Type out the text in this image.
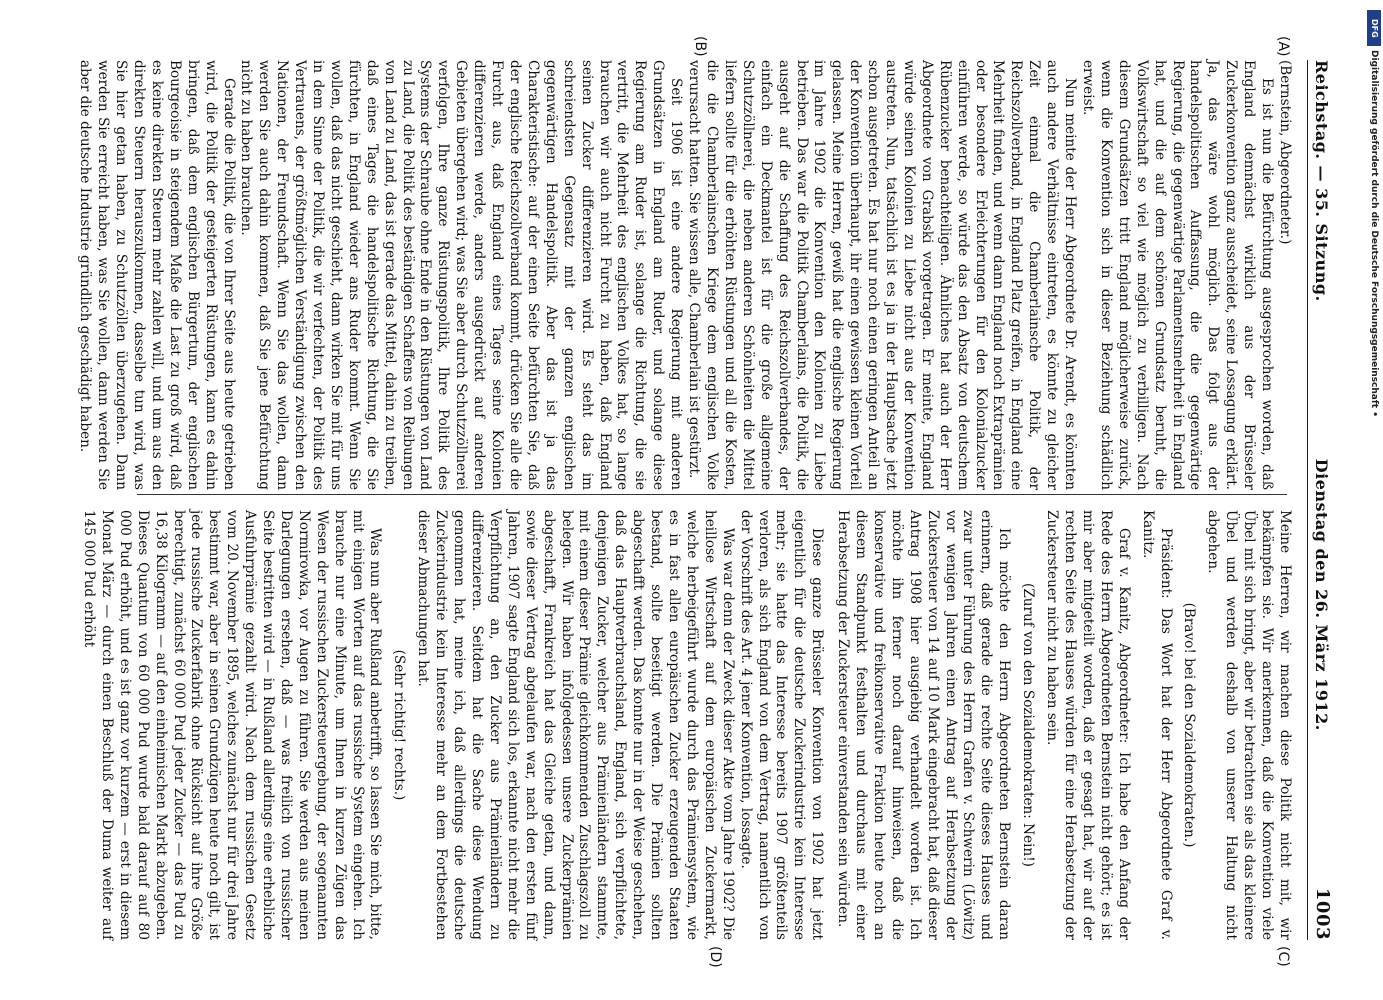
Reichstag. — 35. Sitzung.
Dienstag den 26. März 1912.
1003
(A)
(B)
(C)
(D)

(Bernstein, Abgeordneter.)

Es ist nun die Befürchtung ausgesprochen worden, daß England demnächst wirklich aus der Brüsseler Zuckerkonvention ganz ausscheidet, seine Lossagung erklärt. Ja, das wäre wohl möglich. Das folgt aus der handelspolitischen Auffassung, die die gegenwärtige Regierung, die gegenwärtige Parlamentsmehrheit in England hat, und die auf dem schönen Grundsatz beruht, die Volkswirtschaft so viel wie möglich zu verbilligen. Nach diesem Grundsätzen tritt England möglicherweise zurück, wenn die Konvention sich in dieser Beziehung schädlich erweist.

Nun meinte der Herr Abgeordnete Dr. Arendt, es könnten auch andere Verhältnisse eintreten, es könnte zu gleicher Zeit einmal die Chamberlainsche Politik, der Reichszollverband, in England Platz greifen, in England eine Mehrheit finden, und wenn dann England noch Extraprämien oder besondere Erleichterungen für den Kolonialzucker einführen werde, so würde das den Absatz von deutschem Rübenzucker benachteiligen. Ähnliches hat auch der Herr Abgeordnete von Grabski vorgetragen. Er meinte, England würde seinen Kolonien zu Liebe nicht aus der Konvention austreten. Nun, tatsächlich ist es ja in der Hauptsache jetzt schon ausgetreten. Es hat nur noch einen geringen Anteil an der Konvention überhaupt, ihr einen gewissen kleinen Vorteil gelassen. Meine Herren, gewiß hat die englische Regierung im Jahre 1902 die Konvention den Kolonien zu Liebe betrieben. Das war die Politik Chamberlains, die Politik, die ausgeht auf die Schaffung des Reichszollverbandes, der einfach ein Deckmantel ist für die große allgemeine Schutzzöllnerei, die neben anderen Schönheiten die Mittel liefern sollte für die erhöhten Rüstungen und all die Kosten, die die Chamberlainschen Kriege dem englischen Volke verursacht hatten. Sie wissen alle, Chamberlain ist gestürzt.

Seit 1906 ist eine andere Regierung mit anderen Grundsätzen in England am Ruder, und solange diese Regierung am Ruder ist, solange die Richtung, die sie vertritt, die Mehrheit des englischen Volkes hat, so lange brauchen wir auch nicht Furcht zu haben, daß England seinen Zucker differenzieren wird. Es steht das im schreiendsten Gegensatz mit der ganzen englischen gegenwärtigen Handelspolitik. Aber das ist ja das Charakteristische: auf der einen Seite befürchten Sie, daß der englische Reichszollverband kommt, drücken Sie alle die Furcht aus, daß England eines Tages seine Kolonien differenzieren werde, anders ausgedrückt auf anderen Gebieten übergehen wird; was Sie aber durch Schutzzöllnerei verfolgen, Ihre ganze Rüstungspolitik, Ihre Politik des Systems der Schraube ohne Ende in den Rüstungen von Land zu Land, die Politik des beständigen Schaffens von Reibungen von Land zu Land, das ist gerade das Mittel, dahin zu treiben, daß eines Tages die handelspolitische Richtung, die Sie fürchten, in England wieder ans Ruder kommt. Wenn Sie wollen, daß das nicht geschieht, dann wirken Sie mit für uns in dem Sinne der Politik, die wir verfechten, der Politik des Vertrauens, der größtmöglichen Verständigung zwischen den Nationen, der Freundschaft. Wenn Sie das wollen, dann werden Sie auch dahin kommen, daß Sie jene Befürchtung nicht zu haben brauchen.

Gerade die Politik, die von Ihrer Seite aus heute getrieben wird, die Politik der gesteigerten Rüstungen, kann es dahin bringen, daß dem englischen Bürgertum, der englischen Bourgeoisie in steigendem Maße die Last zu groß wird, daß es keine direkten Steuern mehr zahlen will, und um aus den direkten Steuern herauszukommen, dasselbe tun wird, was Sie hier getan haben, zu Schutzzöllen überzugehen. Dann werden Sie erreicht haben, was Sie wollen, dann werden Sie aber die deutsche Industrie gründlich geschädigt haben.

Meine Herren, wir machen diese Politik nicht mit, wir bekämpfen sie. Wir anerkennen, daß die Konvention viele Übel mit sich bringt, aber wir betrachten sie als das kleinere Übel und werden deshalb von unserer Haltung nicht abgehen.

(Bravo! bei den Sozialdemokraten.)

Präsident: Das Wort hat der Herr Abgeordnete Graf v. Kanitz.

Graf v. Kanitz, Abgeordneter: Ich habe den Anfang der Rede des Herrn Abgeordneten Bernstein nicht gehört; es ist mir aber mitgeteilt worden, daß er gesagt hat, wir auf der rechten Seite des Hauses würden für eine Herabsetzung der Zuckersteuer nicht zu haben sein.

(Zuruf von den Sozialdemokraten: Nein!)

Ich möchte den Herrn Abgeordneten Bernstein daran erinnern, daß gerade die rechte Seite dieses Hauses und zwar unter Führung des Herrn Grafen v. Schwerin (Löwitz) vor wenigen Jahren einen Antrag auf Herabsetzung der Zuckersteuer von 14 auf 10 Mark eingebracht hat, daß dieser Antrag 1908 hier ausgiebig verhandelt worden ist. Ich möchte ihn ferner noch darauf hinweisen, daß die konservative und freikonservative Fraktion heute noch an diesem Standpunkt festhalten und durchaus mit einer Herabsetzung der Zuckersteuer einverstanden sein würden.

Diese ganze Brüsseler Konvention von 1902 hat jetzt eigentlich für die deutsche Zuckerindustrie kein Interesse mehr; sie hatte das Interesse bereits 1907 größtenteils verloren, als sich England von dem Vertrag, namentlich von der Vorschrift des Art. 4 jener Konvention, lossagte.

Was war denn der Zweck dieser Akte vom Jahre 1902? Die heillose Wirtschaft auf dem europäischen Zuckermarkt, welche herbeigeführt wurde durch das Prämiensystem, wie es in fast allen europäischen Zucker erzeugenden Staaten bestand, sollte beseitigt werden. Die Prämien sollten abgeschafft werden. Das konnte nur in der Weise geschehen, daß das Hauptverbrauchsland, England, sich verpflichtete, denjenigen Zucker, welcher aus Prämienländern stammte, mit einem dieser Prämie gleichkommenden Zuschlagszoll zu belegen. Wir haben infolgedessen unsere Zuckerprämien abgeschafft, Frankreich hat das Gleiche getan, und dann, sowie dieser Vertrag abgelaufen war, nach den ersten fünf Jahren, 1907 sagte England sich los, erkannte nicht mehr die Verpflichtung an, den Zucker aus Prämienländern zu differenzieren. Seitdem hat die Sache diese Wendung genommen hat, meine ich, daß allerdings die deutsche Zuckerindustrie kein Interesse mehr an dem Fortbestehen dieser Abmachungen hat.

(Sehr richtig! rechts.)

Was nun aber Rußland anbetrifft, so lassen Sie mich, bitte, mit einigen Worten auf das russische System eingehen. Ich brauche nur eine Minute, um Ihnen in kurzen Zügen das Wesen der russischen Zuckersteuergebung, der sogenannten Normirowka, vor Augen zu führen. Sie werden aus meinen Darlegungen ersehen, daß — was freilich von russischer Seite bestritten wird — in Rußland allerdings eine erhebliche Ausfuhrprämie gezahlt wird. Nach dem russischen Gesetz vom 20. November 1895, welches zunächst nur für drei Jahre bestimmt war, aber in seinen Grundzügen heute noch gilt, ist jede russische Zuckerfabrik ohne Rücksicht auf ihre Größe berechtigt, zunächst 60 000 Pud jeder Zucker — das Pud zu 16,38 Kilogramm — auf den einheimischen Markt abzugeben. Dieses Quantum von 60 000 Pud wurde bald darauf auf 80 000 Pud erhöht, und es ist ganz vor kurzem — erst in diesem Monat März — durch einen Beschluß der Duma weiter auf 145 000 Pud erhöht

DFG
Digitalisierung gefördert durch die Deutsche Forschungsgemeinschaft •
